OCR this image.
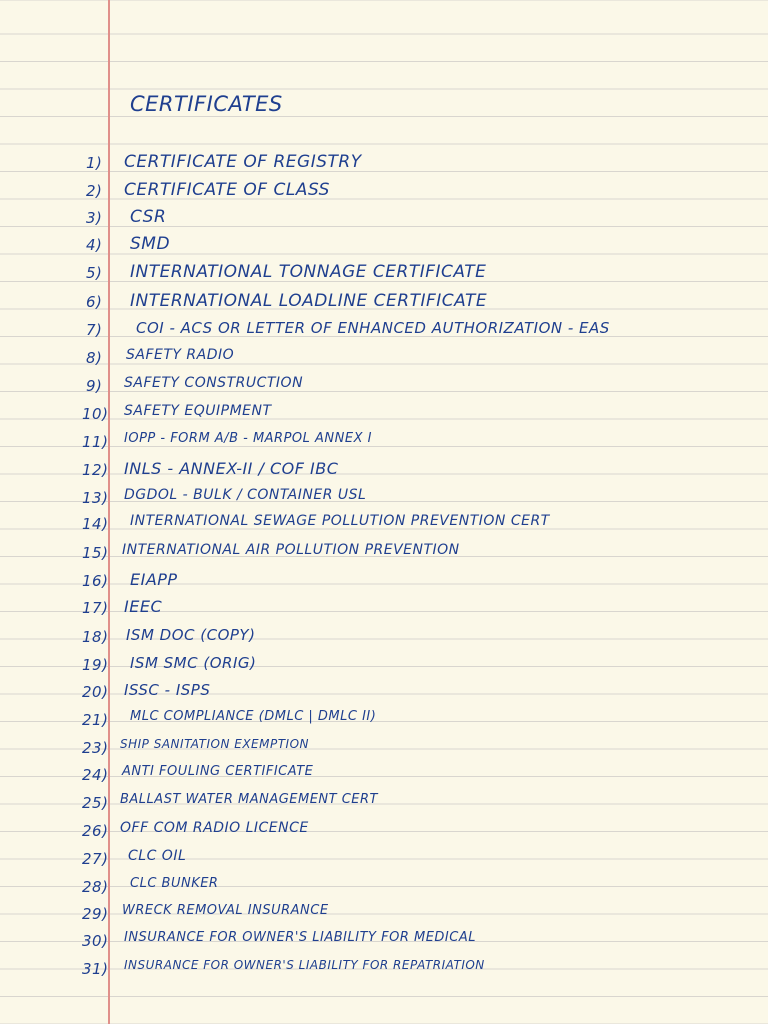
CERTIFICATES
1) CERTIFICATE OF REGISTRY
2) CERTIFICATE OF CLASS
3) CSR
4) SMD
5) INTERNATIONAL TONNAGE CERTIFICATE
6) INTERNATIONAL LOADLINE CERTIFICATE
7) COI - ACS OR LETTER OF ENHANCED AUTHORIZATION - EAS
8) SAFETY RADIO
9) SAFETY CONSTRUCTION
10) SAFETY EQUIPMENT
11) IOPP - FORM A/B - MARPOL ANNEX I
12) INLS - ANNEX-II / COF IBC
13) DGDOL - BULK / CONTAINER USL
14) INTERNATIONAL SEWAGE POLLUTION PREVENTION CERT
15) INTERNATIONAL AIR POLLUTION PREVENTION
16) EIAPP
17) IEEC
18) ISM DOC (COPY)
19) ISM SMC (ORIG)
20) ISSC - ISPS
21) MLC COMPLIANCE (DMLC | DMLC II)
23) SHIP SANITATION EXEMPTION
24) ANTI FOULING CERTIFICATE
25) BALLAST WATER MANAGEMENT CERT
26) OFF COM RADIO LICENCE
27) CLC OIL
28) CLC BUNKER
29) WRECK REMOVAL INSURANCE
30) INSURANCE FOR OWNER'S LIABILITY FOR MEDICAL
31) INSURANCE FOR OWNER'S LIABILITY FOR REPATRIATION
